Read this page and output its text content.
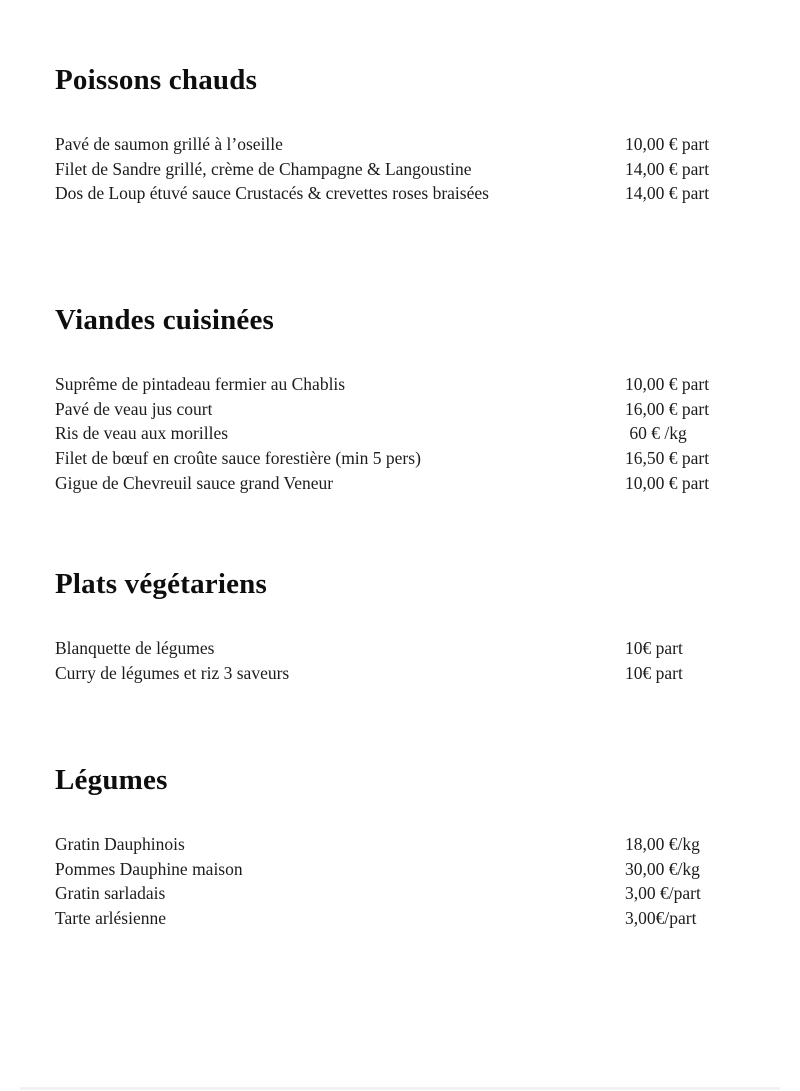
Poissons chauds
Pavé de saumon grillé à l’oseille	10,00 € part
Filet de Sandre grillé, crème de Champagne & Langoustine	14,00 € part
Dos de Loup étuvé sauce Crustacés & crevettes roses braisées	14,00 € part
Viandes cuisinées
Suprême de pintadeau fermier au Chablis	10,00 € part
Pavé de veau jus court	16,00 € part
Ris de veau aux morilles	60 € /kg
Filet de bœuf en croûte sauce forestière (min 5 pers)	16,50 € part
Gigue de Chevreuil sauce grand Veneur	10,00 € part
Plats végétariens
Blanquette de légumes	10€ part
Curry de légumes et riz 3 saveurs	10€ part
Légumes
Gratin Dauphinois	18,00 €/kg
Pommes Dauphine maison	30,00 €/kg
Gratin sarladais	3,00 €/part
Tarte arlésienne	3,00€/part
